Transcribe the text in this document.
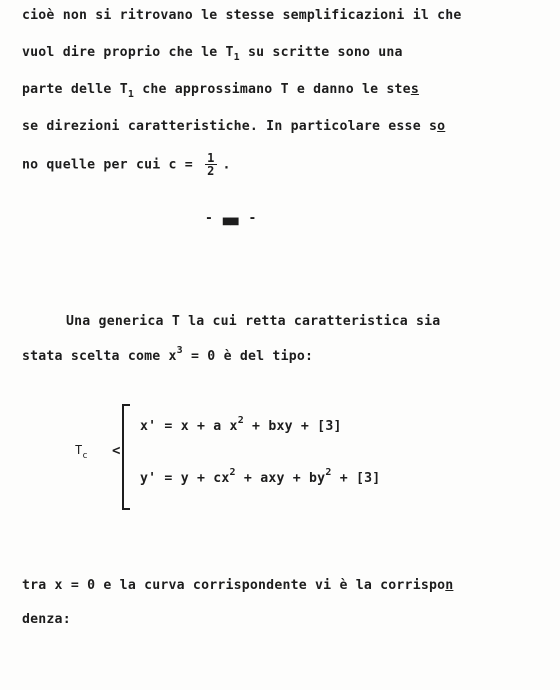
cioè non si ritrovano le stesse semplificazioni il che
vuol dire proprio che le $T_1$ su scritte sono una
parte delle $T_1$ che approssimano T e danno le stes
se direzioni caratteristiche. In particolare esse so
no quelle per cui $c = \frac{1}{2}$ .
- ▄▄ -
Una generica T la cui retta caratteristica sia
stata scelta come $x^3 = 0$ è del tipo:
$T_c$ <
x' = x + a $x^2$ + bxy + [3]
$y' = y + cx^2$ + axy + $by^2 + [3]$
tra x = 0 e la curva corrispondente vi è la corrispon
denza:
